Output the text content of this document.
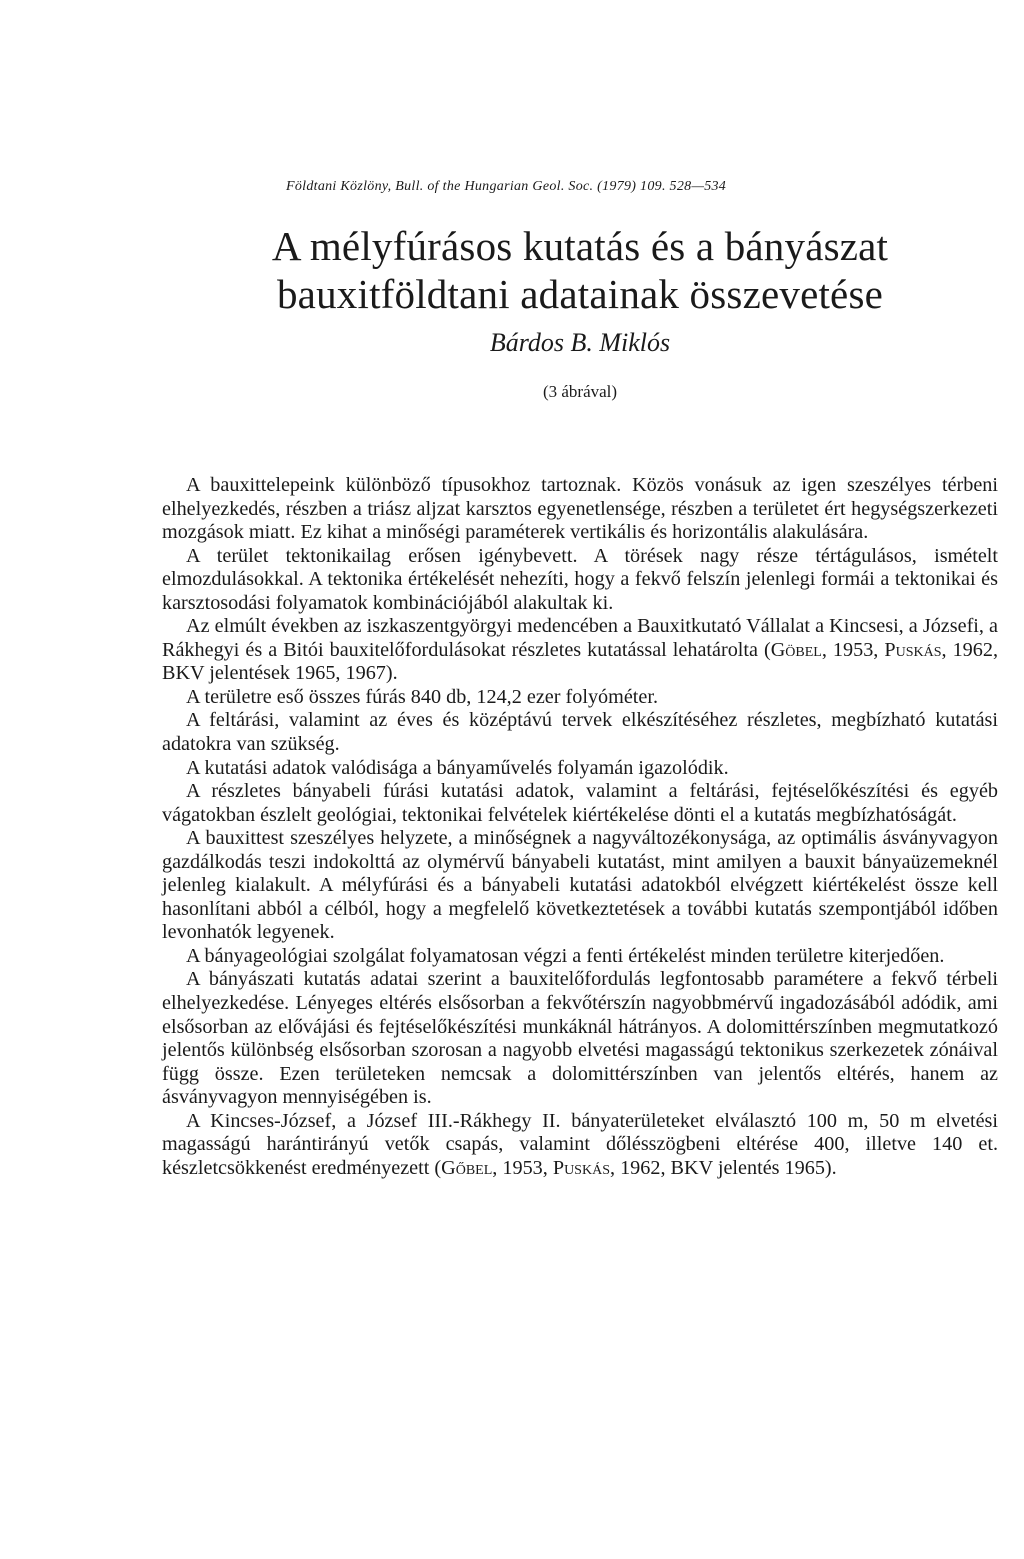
Földtani Közlöny, Bull. of the Hungarian Geol. Soc. (1979) 109. 528—534
A mélyfúrásos kutatás és a bányászat
bauxitföldtani adatainak összevetése
Bárdos B. Miklós
(3 ábrával)

A bauxittelepeink különböző típusokhoz tartoznak. Közös vonásuk az igen szeszélyes térbeni elhelyezkedés, részben a triász aljzat karsztos egyenetlensége, részben a területet ért hegységszerkezeti mozgások miatt. Ez kihat a minőségi paraméterek vertikális és horizontális alakulására.

A terület tektonikailag erősen igénybevett. A törések nagy része tértágulásos, ismételt elmozdulásokkal. A tektonika értékelését nehezíti, hogy a fekvő felszín jelenlegi formái a tektonikai és karsztosodási folyamatok kombinációjából alakultak ki.

Az elmúlt években az iszkaszentgyörgyi medencében a Bauxitkutató Vállalat a Kincsesi, a Józsefi, a Rákhegyi és a Bitói bauxitelőfordulásokat részletes kutatással lehatárolta (Göbel, 1953, Puskás, 1962, BKV jelentések 1965, 1967).

A területre eső összes fúrás 840 db, 124,2 ezer folyóméter.

A feltárási, valamint az éves és középtávú tervek elkészítéséhez részletes, megbízható kutatási adatokra van szükség.

A kutatási adatok valódisága a bányaművelés folyamán igazolódik.

A részletes bányabeli fúrási kutatási adatok, valamint a feltárási, fejtéselőkészítési és egyéb vágatokban észlelt geológiai, tektonikai felvételek kiértékelése dönti el a kutatás megbízhatóságát.

A bauxittest szeszélyes helyzete, a minőségnek a nagyváltozékonysága, az optimális ásványvagyon gazdálkodás teszi indokolttá az olymérvű bányabeli kutatást, mint amilyen a bauxit bányaüzemeknél jelenleg kialakult. A mélyfúrási és a bányabeli kutatási adatokból elvégzett kiértékelést össze kell hasonlítani abból a célból, hogy a megfelelő következtetések a további kutatás szempontjából időben levonhatók legyenek.

A bányageológiai szolgálat folyamatosan végzi a fenti értékelést minden területre kiterjedően.

A bányászati kutatás adatai szerint a bauxitelőfordulás legfontosabb paramétere a fekvő térbeli elhelyezkedése. Lényeges eltérés elsősorban a fekvőtérszín nagyobbmérvű ingadozásából adódik, ami elsősorban az elővájási és fejtéselőkészítési munkáknál hátrányos. A dolomittérszínben megmutatkozó jelentős különbség elsősorban szorosan a nagyobb elvetési magasságú tektonikus szerkezetek zónáival függ össze. Ezen területeken nemcsak a dolomittérszínben van jelentős eltérés, hanem az ásványvagyon mennyiségében is.

A Kincses-József, a József III.-Rákhegy II. bányaterületeket elválasztó 100 m, 50 m elvetési magasságú harántirányú vetők csapás, valamint dőlésszögbeni eltérése 400, illetve 140 et. készletcsökkenést eredményezett (Gőbel, 1953, Puskás, 1962, BKV jelentés 1965).
